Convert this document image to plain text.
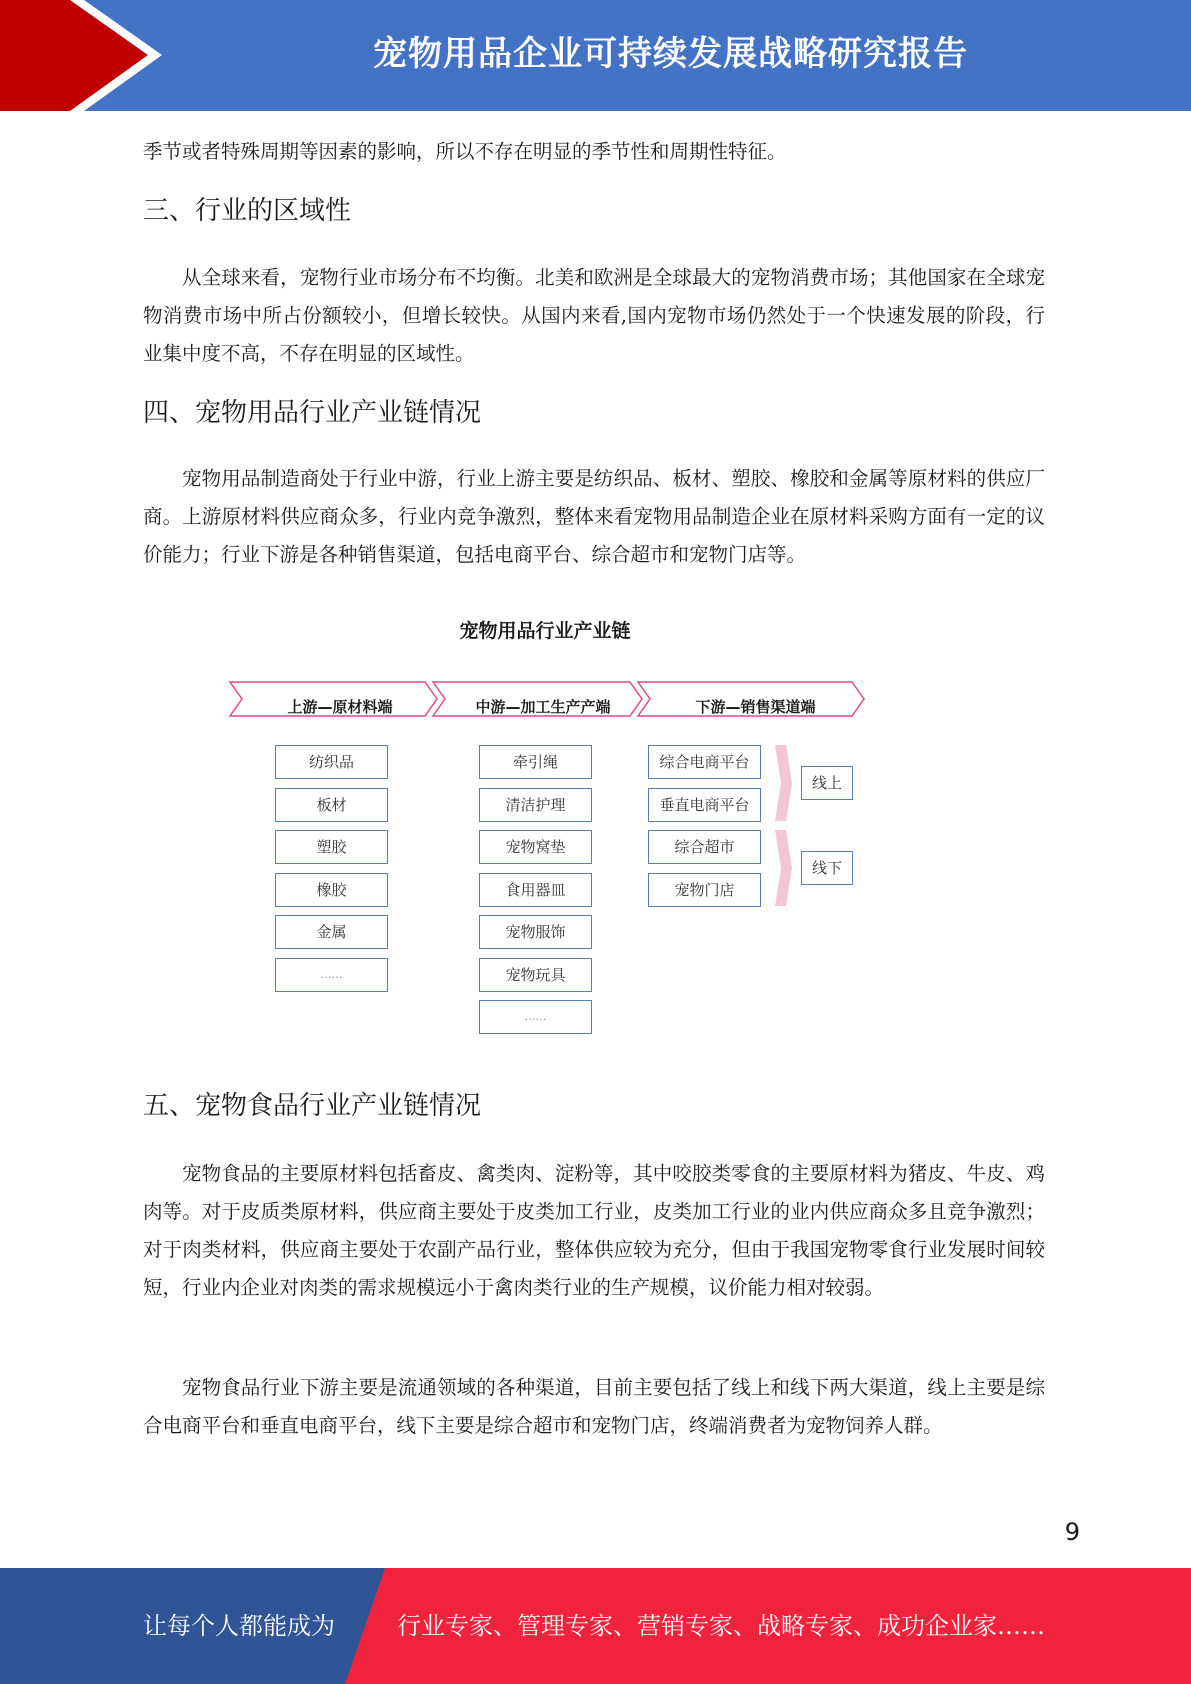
宠物用品企业可持续发展战略研究报告

季节或者特殊周期等因素的影响，所以不存在明显的季节性和周期性特征。

三、行业的区域性

从全球来看，宠物行业市场分布不均衡。北美和欧洲是全球最大的宠物消费市场；其他国家在全球宠物消费市场中所占份额较小，但增长较快。从国内来看,国内宠物市场仍然处于一个快速发展的阶段，行业集中度不高，不存在明显的区域性。

四、宠物用品行业产业链情况

宠物用品制造商处于行业中游，行业上游主要是纺织品、板材、塑胶、橡胶和金属等原材料的供应厂商。上游原材料供应商众多，行业内竞争激烈，整体来看宠物用品制造企业在原材料采购方面有一定的议价能力；行业下游是各种销售渠道，包括电商平台、综合超市和宠物门店等。

宠物用品行业产业链
上游—原材料端	中游—加工生产产端	下游—销售渠道端
纺织品
板材
塑胶
橡胶
金属
……
牵引绳
清洁护理
宠物窝垫
食用器皿
宠物服饰
宠物玩具
……
综合电商平台
垂直电商平台
综合超市
宠物门店
线上
线下
五、宠物食品行业产业链情况

宠物食品的主要原材料包括畜皮、禽类肉、淀粉等，其中咬胶类零食的主要原材料为猪皮、牛皮、鸡肉等。对于皮质类原材料，供应商主要处于皮类加工行业，皮类加工行业的业内供应商众多且竞争激烈；对于肉类材料，供应商主要处于农副产品行业，整体供应较为充分，但由于我国宠物零食行业发展时间较短，行业内企业对肉类的需求规模远小于禽肉类行业的生产规模，议价能力相对较弱。

宠物食品行业下游主要是流通领域的各种渠道，目前主要包括了线上和线下两大渠道，线上主要是综合电商平台和垂直电商平台，线下主要是综合超市和宠物门店，终端消费者为宠物饲养人群。

9
让每个人都能成为	行业专家、管理专家、营销专家、战略专家、成功企业家……
